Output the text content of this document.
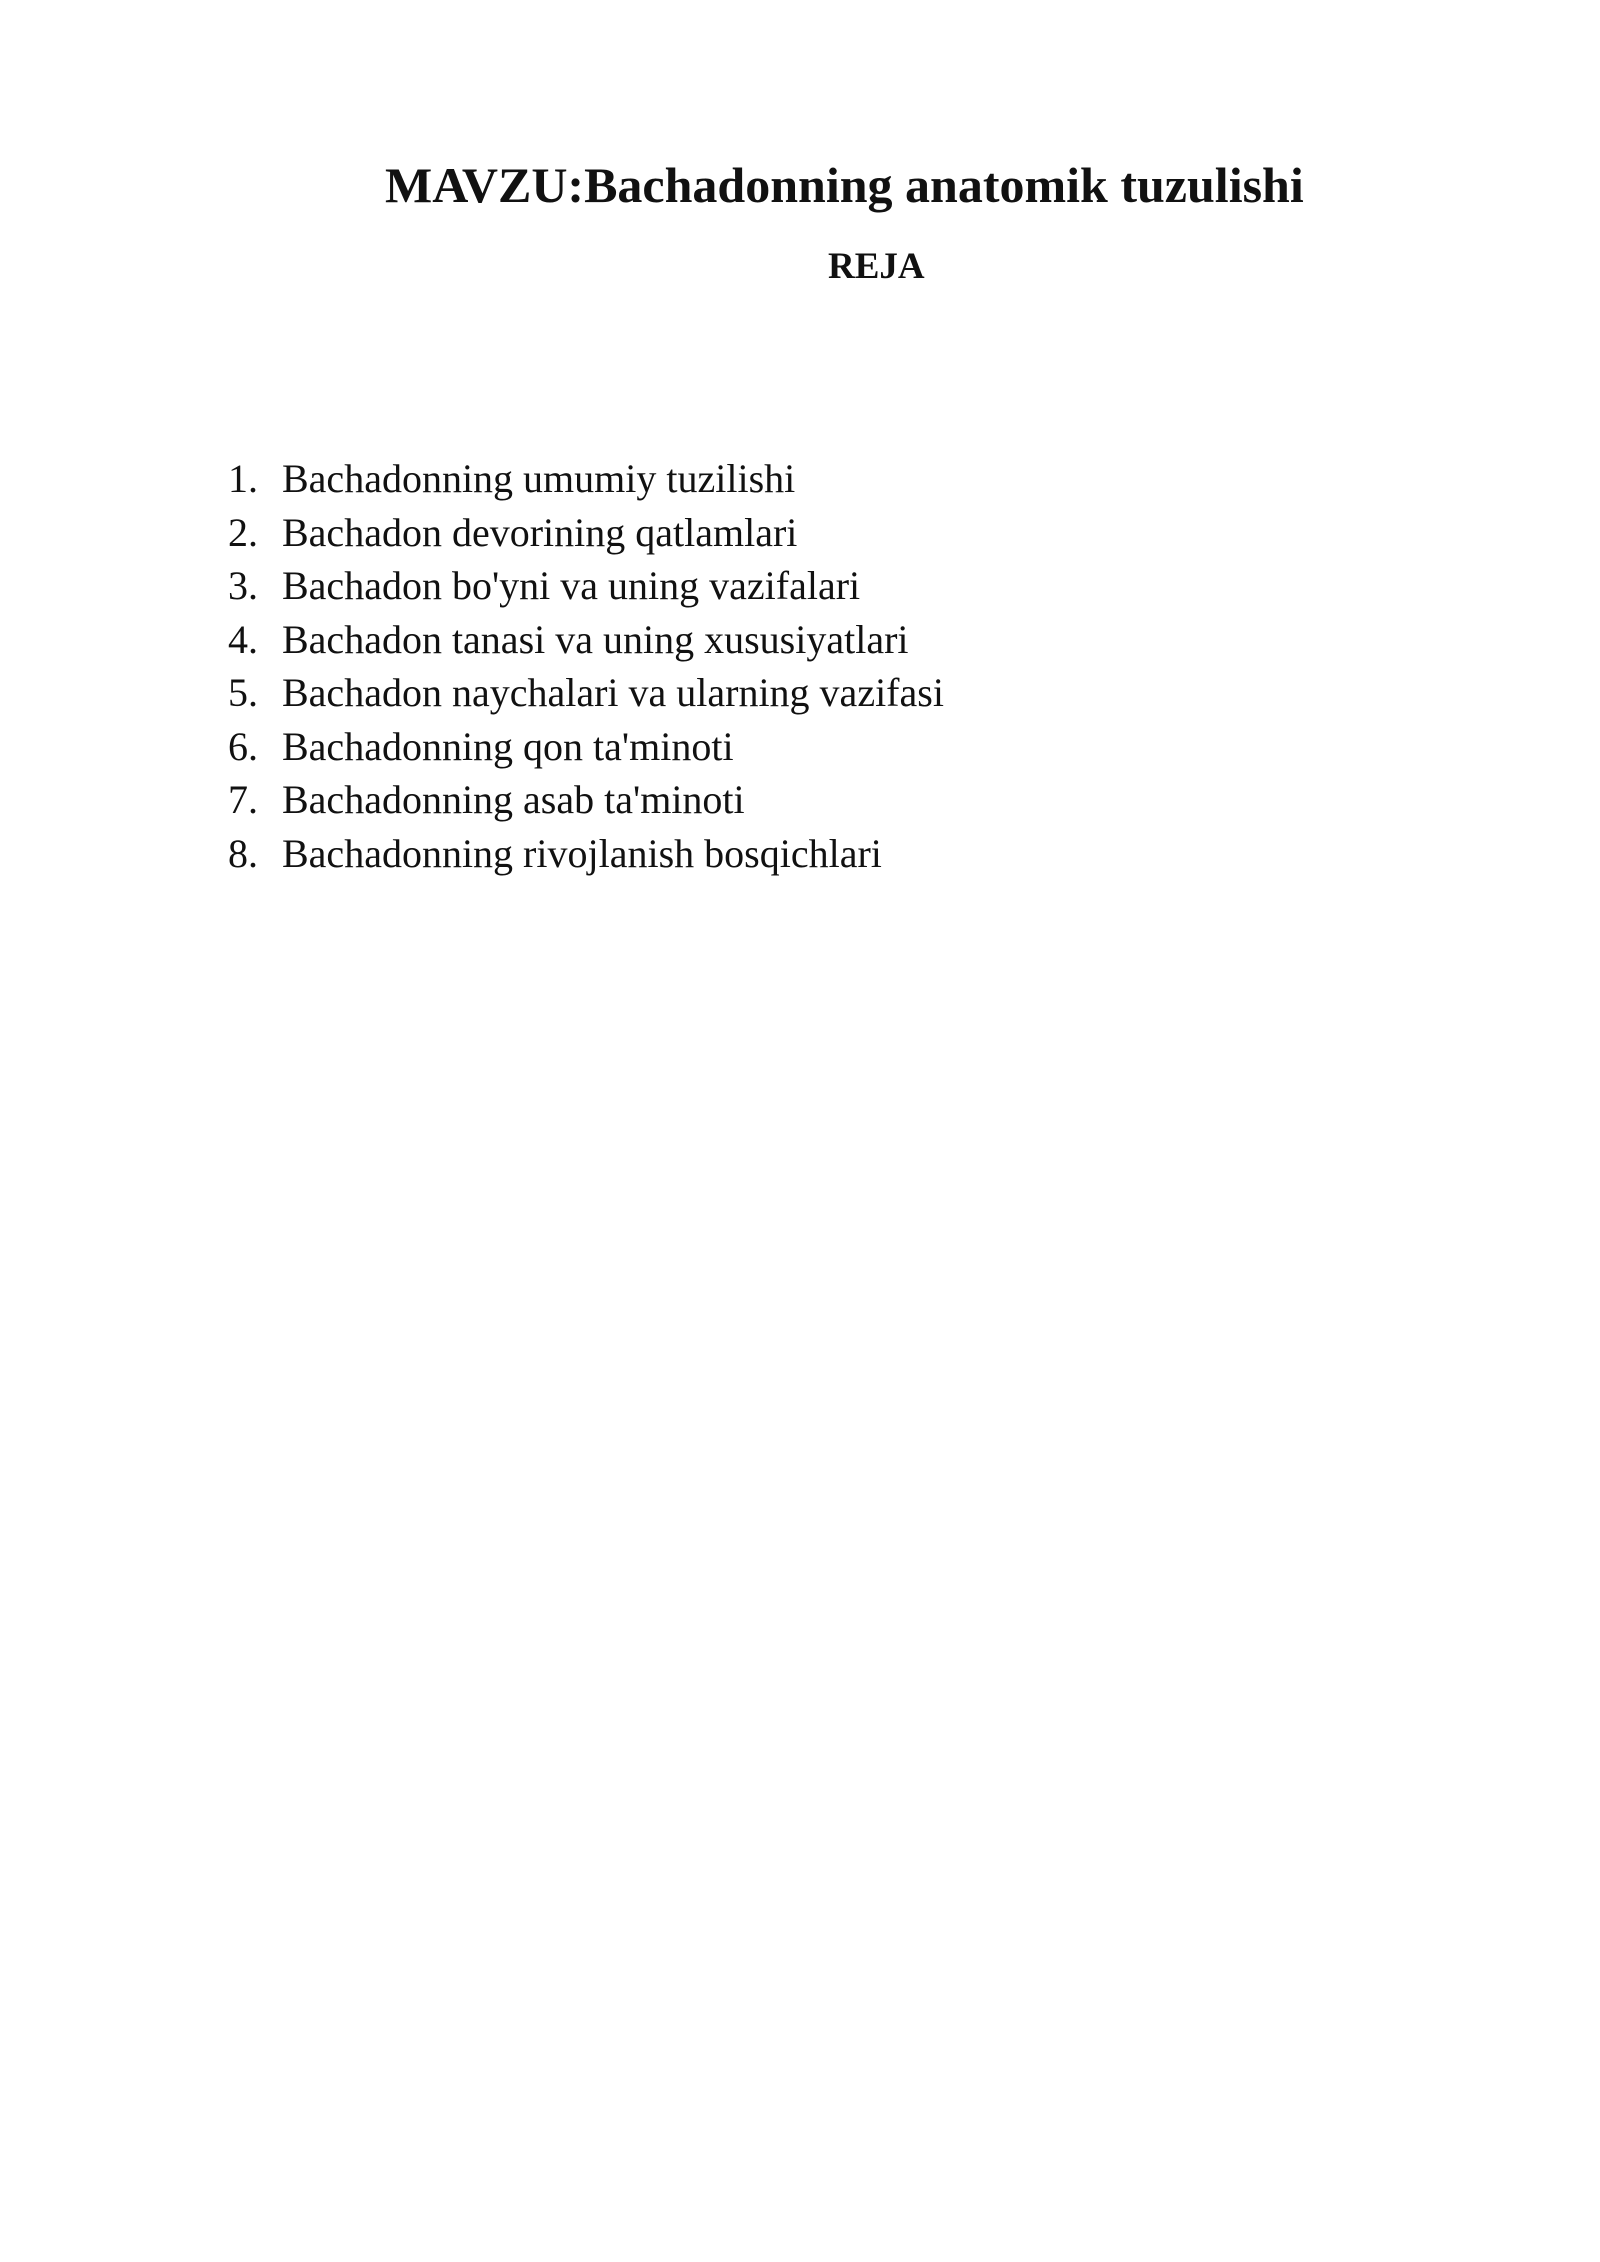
MAVZU:Bachadonning anatomik tuzulishi
REJA
1. Bachadonning umumiy tuzilishi
2. Bachadon devorining qatlamlari
3. Bachadon bo'yni va uning vazifalari
4. Bachadon tanasi va uning xususiyatlari
5. Bachadon naychalari va ularning vazifasi
6. Bachadonning qon ta'minoti
7. Bachadonning asab ta'minoti
8. Bachadonning rivojlanish bosqichlari
